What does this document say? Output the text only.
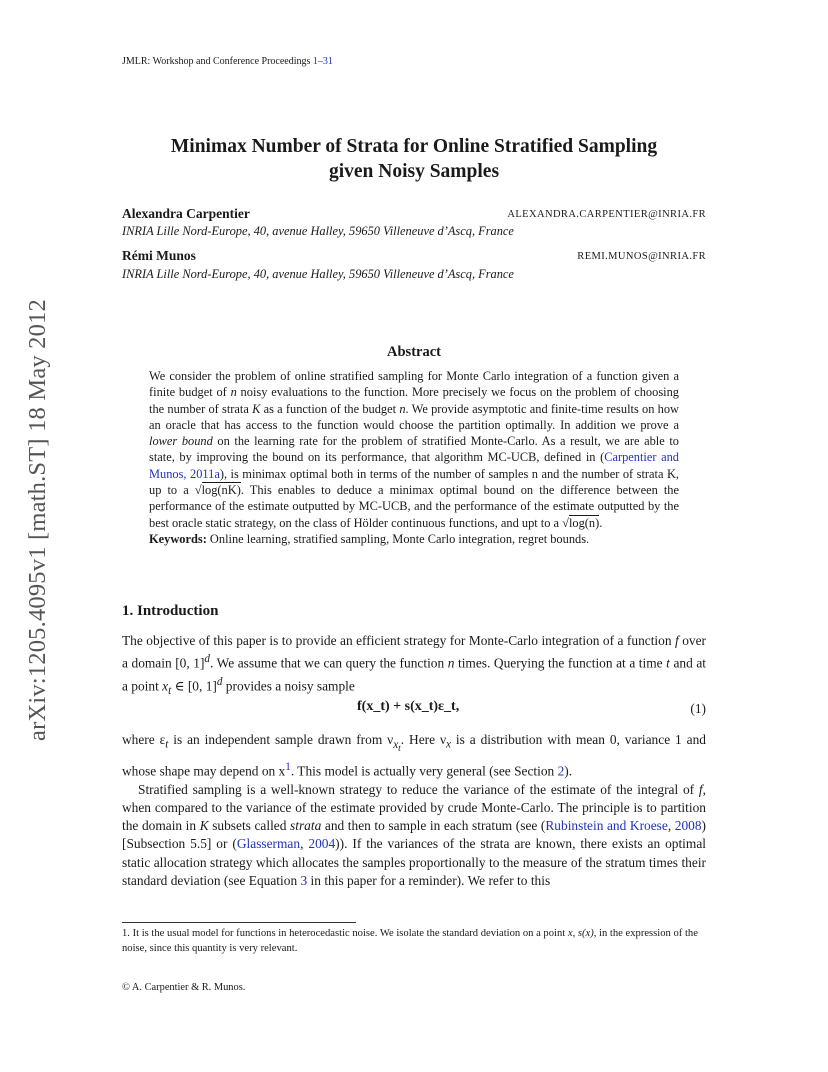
JMLR: Workshop and Conference Proceedings 1–31
arXiv:1205.4095v1 [math.ST] 18 May 2012
Minimax Number of Strata for Online Stratified Sampling
given Noisy Samples
Alexandra Carpentier	ALEXANDRA.CARPENTIER@INRIA.FR
INRIA Lille Nord-Europe, 40, avenue Halley, 59650 Villeneuve d’Ascq, France
Rémi Munos	REMI.MUNOS@INRIA.FR
INRIA Lille Nord-Europe, 40, avenue Halley, 59650 Villeneuve d’Ascq, France
Abstract

We consider the problem of online stratified sampling for Monte Carlo integration of a function given a finite budget of n noisy evaluations to the function. More precisely we focus on the problem of choosing the number of strata K as a function of the budget n. We provide asymptotic and finite-time results on how an oracle that has access to the function would choose the partition optimally. In addition we prove a lower bound on the learning rate for the problem of stratified Monte-Carlo. As a result, we are able to state, by improving the bound on its performance, that algorithm MC-UCB, defined in (Carpentier and Munos, 2011a), is minimax optimal both in terms of the number of samples n and the number of strata K, up to a √log(nK). This enables to deduce a minimax optimal bound on the difference between the performance of the estimate outputted by MC-UCB, and the performance of the estimate outputted by the best oracle static strategy, on the class of Hölder continuous functions, and upt to a √log(n).

Keywords: Online learning, stratified sampling, Monte Carlo integration, regret bounds.

1. Introduction

The objective of this paper is to provide an efficient strategy for Monte-Carlo integration of a function f over a domain [0, 1]$^d$. We assume that we can query the function n times. Querying the function at a time t and at a point $x_t$ ∈ [0, 1]$^d$ provides a noisy sample

f(x_t) + s(x_t)ε_t,	(1)

where $\varepsilon_t$ is an independent sample drawn from $\nu_{x_t}$. Here $\nu_x$ is a distribution with mean 0, variance 1 and whose shape may depend on $x^1$. This model is actually very general (see Section 2).

Stratified sampling is a well-known strategy to reduce the variance of the estimate of the integral of f, when compared to the variance of the estimate provided by crude Monte-Carlo. The principle is to partition the domain in K subsets called strata and then to sample in each stratum (see (Rubinstein and Kroese, 2008)[Subsection 5.5] or (Glasserman, 2004)). If the variances of the strata are known, there exists an optimal static allocation strategy which allocates the samples proportionally to the measure of the stratum times their standard deviation (see Equation 3 in this paper for a reminder). We refer to this

1. It is the usual model for functions in heterocedastic noise. We isolate the standard deviation on a point x, s(x), in the expression of the noise, since this quantity is very relevant.
© A. Carpentier & R. Munos.
